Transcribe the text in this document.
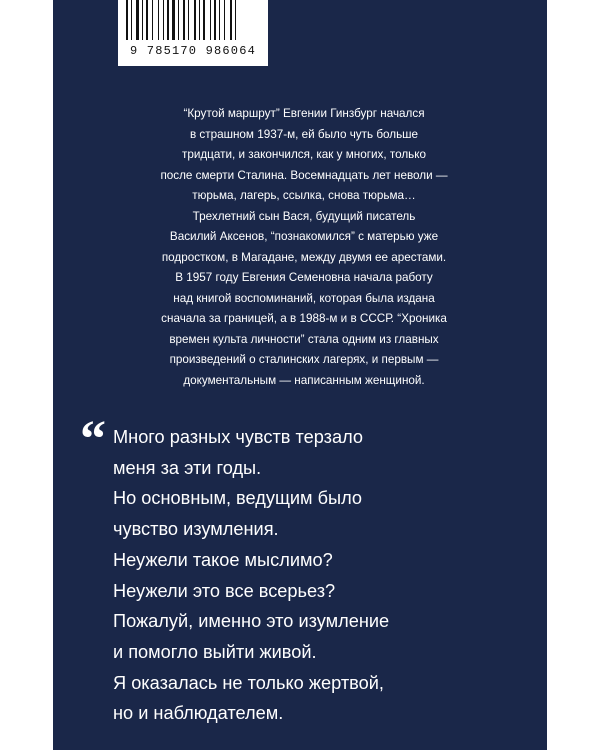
9 785170 986064
“Крутой маршрут” Евгении Гинзбург начался
в страшном 1937-м, ей было чуть больше
тридцати, и закончился, как у многих, только
после смерти Сталина. Восемнадцать лет неволи —
тюрьма, лагерь, ссылка, снова тюрьма…
Трехлетний сын Вася, будущий писатель
Василий Аксенов, “познакомился” с матерью уже
подростком, в Магадане, между двумя ее арестами.
В 1957 году Евгения Семеновна начала работу
над книгой воспоминаний, которая была издана
сначала за границей, а в 1988-м и в СССР. “Хроника
времен культа личности” стала одним из главных
произведений о сталинских лагерях, и первым —
документальным — написанным женщиной.
“ Много разных чувств терзало
меня за эти годы.
Но основным, ведущим было
чувство изумления.
Неужели такое мыслимо?
Неужели это все всерьез?
Пожалуй, именно это изумление
и помогло выйти живой.
Я оказалась не только жертвой,
но и наблюдателем.
